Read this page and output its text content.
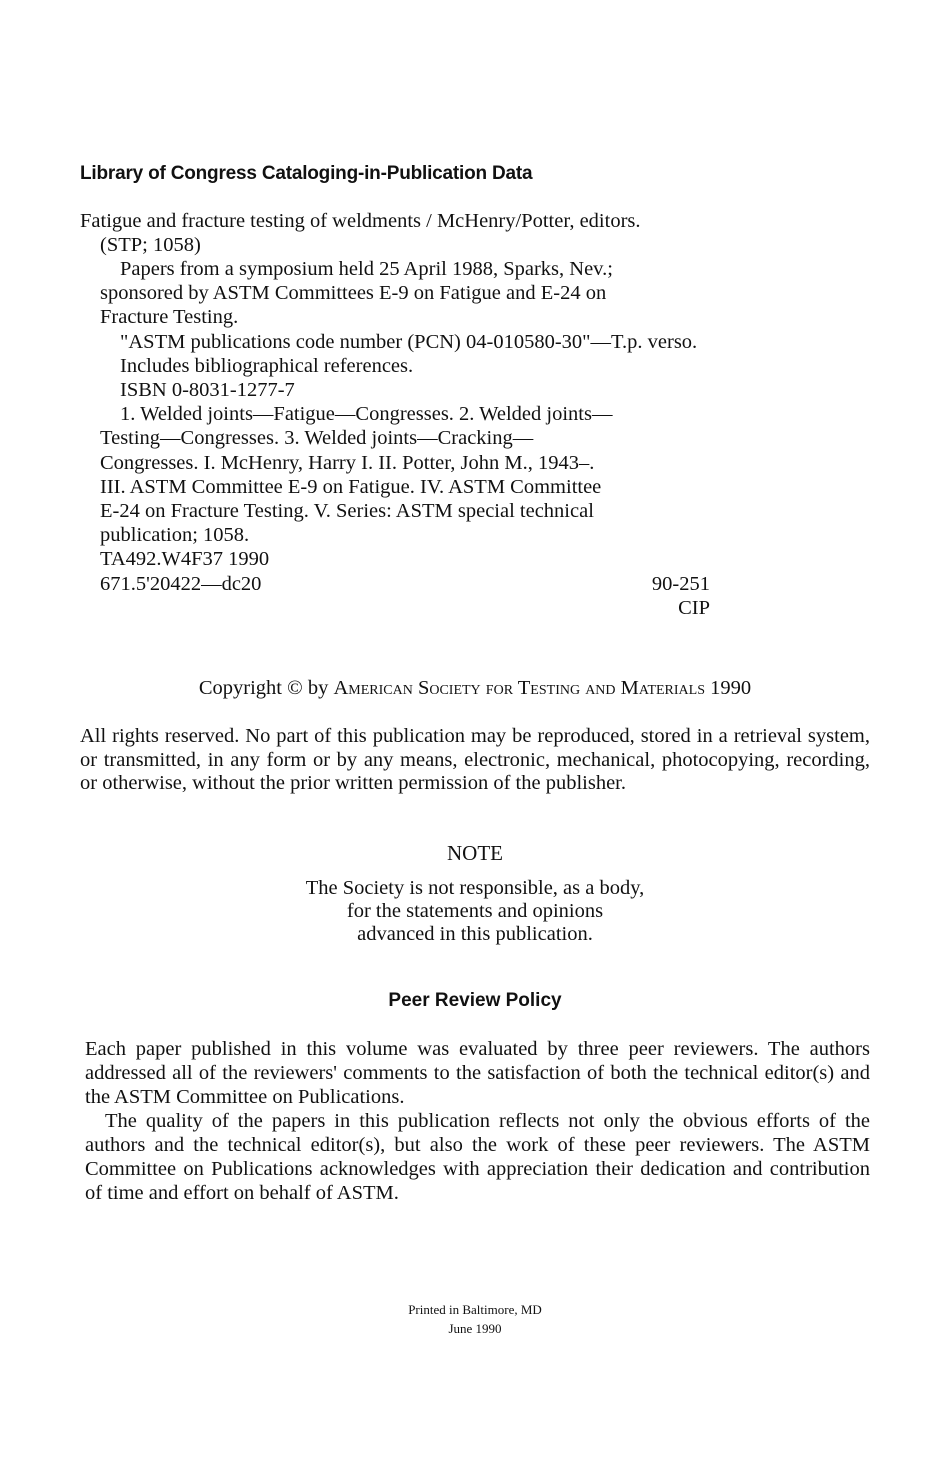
Library of Congress Cataloging-in-Publication Data
Fatigue and fracture testing of weldments / McHenry/Potter, editors.
(STP; 1058)
Papers from a symposium held 25 April 1988, Sparks, Nev.;
sponsored by ASTM Committees E-9 on Fatigue and E-24 on
Fracture Testing.
"ASTM publications code number (PCN) 04-010580-30"—T.p. verso.
Includes bibliographical references.
ISBN 0-8031-1277-7
1. Welded joints—Fatigue—Congresses. 2. Welded joints—
Testing—Congresses. 3. Welded joints—Cracking—
Congresses. I. McHenry, Harry I. II. Potter, John M., 1943–.
III. ASTM Committee E-9 on Fatigue. IV. ASTM Committee
E-24 on Fracture Testing. V. Series: ASTM special technical
publication; 1058.
TA492.W4F37 1990
671.5'20422—dc20	90-251
CIP
Copyright © by American Society for Testing and Materials 1990
All rights reserved. No part of this publication may be reproduced, stored in a retrieval system, or transmitted, in any form or by any means, electronic, mechanical, photocopying, recording, or otherwise, without the prior written permission of the publisher.
NOTE
The Society is not responsible, as a body,
for the statements and opinions
advanced in this publication.
Peer Review Policy
Each paper published in this volume was evaluated by three peer reviewers. The authors addressed all of the reviewers' comments to the satisfaction of both the technical editor(s) and the ASTM Committee on Publications.
The quality of the papers in this publication reflects not only the obvious efforts of the authors and the technical editor(s), but also the work of these peer reviewers. The ASTM Committee on Publications acknowledges with appreciation their dedication and contribution of time and effort on behalf of ASTM.
Printed in Baltimore, MD
June 1990
